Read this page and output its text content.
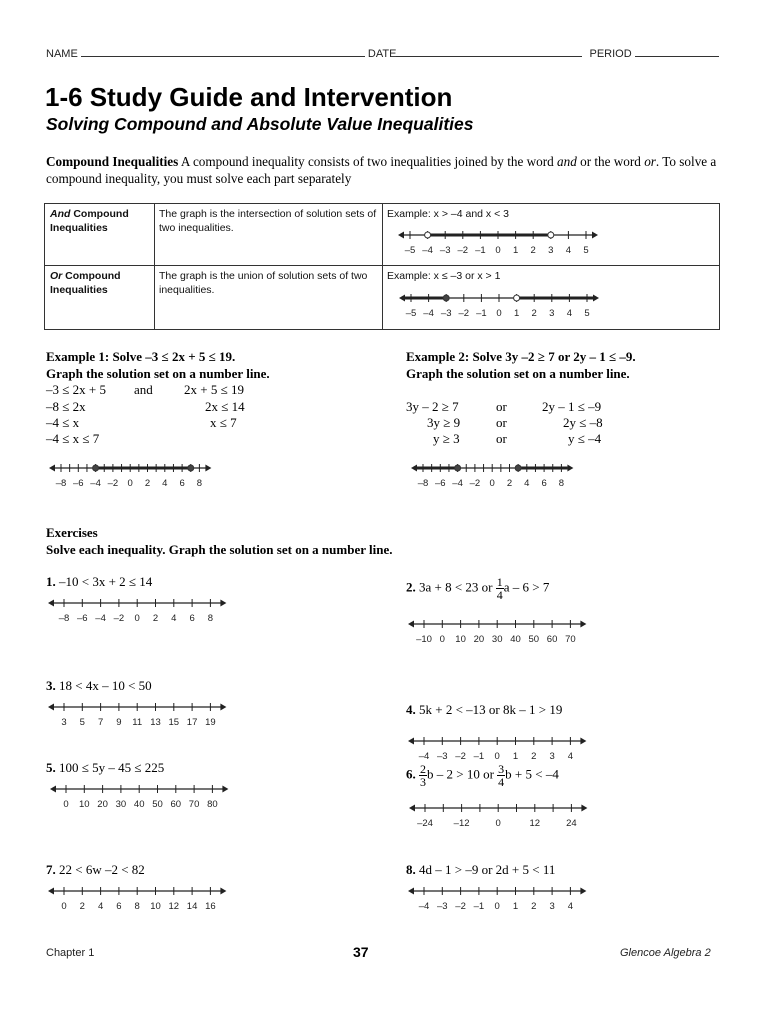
NAME	DATE	PERIOD
1-6 Study Guide and Intervention
Solving Compound and Absolute Value Inequalities
Compound Inequalities A compound inequality consists of two inequalities joined by the word and or the word or. To solve a compound inequality, you must solve each part separately
And Compound Inequalities
The graph is the intersection of solution sets of two inequalities.
Example: x > –4 and x < 3
–5 –4 –3 –2 –1 0 1 2 3 4 5
Or Compound Inequalities
The graph is the union of solution sets of two inequalities.
Example: x ≤ –3 or x > 1
–5 –4 –3 –2 –1 0 1 2 3 4 5
Example 1: Solve –3 ≤ 2x + 5 ≤ 19.
Graph the solution set on a number line.
–3 ≤ 2x + 5 and 2x + 5 ≤ 19
–8 ≤ 2x	2x ≤ 14
–4 ≤ x	x ≤ 7
–4 ≤ x ≤ 7
–8 –6 –4 –2 0 2 4 6 8
Example 2: Solve 3y –2 ≥ 7 or 2y – 1 ≤ –9.
Graph the solution set on a number line.
3y – 2 ≥ 7	or	2y – 1 ≤ –9
3y ≥ 9	or	2y ≤ –8
y ≥ 3	or	y ≤ –4
–8 –6 –4 –2 0 2 4 6 8
Exercises
Solve each inequality. Graph the solution set on a number line.
1. –10 < 3x + 2 ≤ 14
–8 –6 –4 –2 0 2 4 6 8
2. 3a + 8 < 23 or $\frac{1}{4}$ a – 6 > 7
–10 0 10 20 30 40 50 60 70
3. 18 < 4x – 10 < 50
3 5 7 9 11 13 15 17 19
4. 5k + 2 < –13 or 8k – 1 > 19
–4 –3 –2 –1 0 1 2 3 4
5. 100 ≤ 5y – 45 ≤ 225
0 10 20 30 40 50 60 70 80
6. $\frac{2}{3}$ b – 2 > 10 or $\frac{3}{4}$ b + 5 < –4
–24 –12	0	12	24
7. 22 < 6w –2 < 82
0 2 4 6 8 10 12 14 16
8. 4d – 1 > –9 or 2d + 5 < 11
–4 –3 –2 –1 0 1 2 3 4
Chapter 1	37	Glencoe Algebra 2
